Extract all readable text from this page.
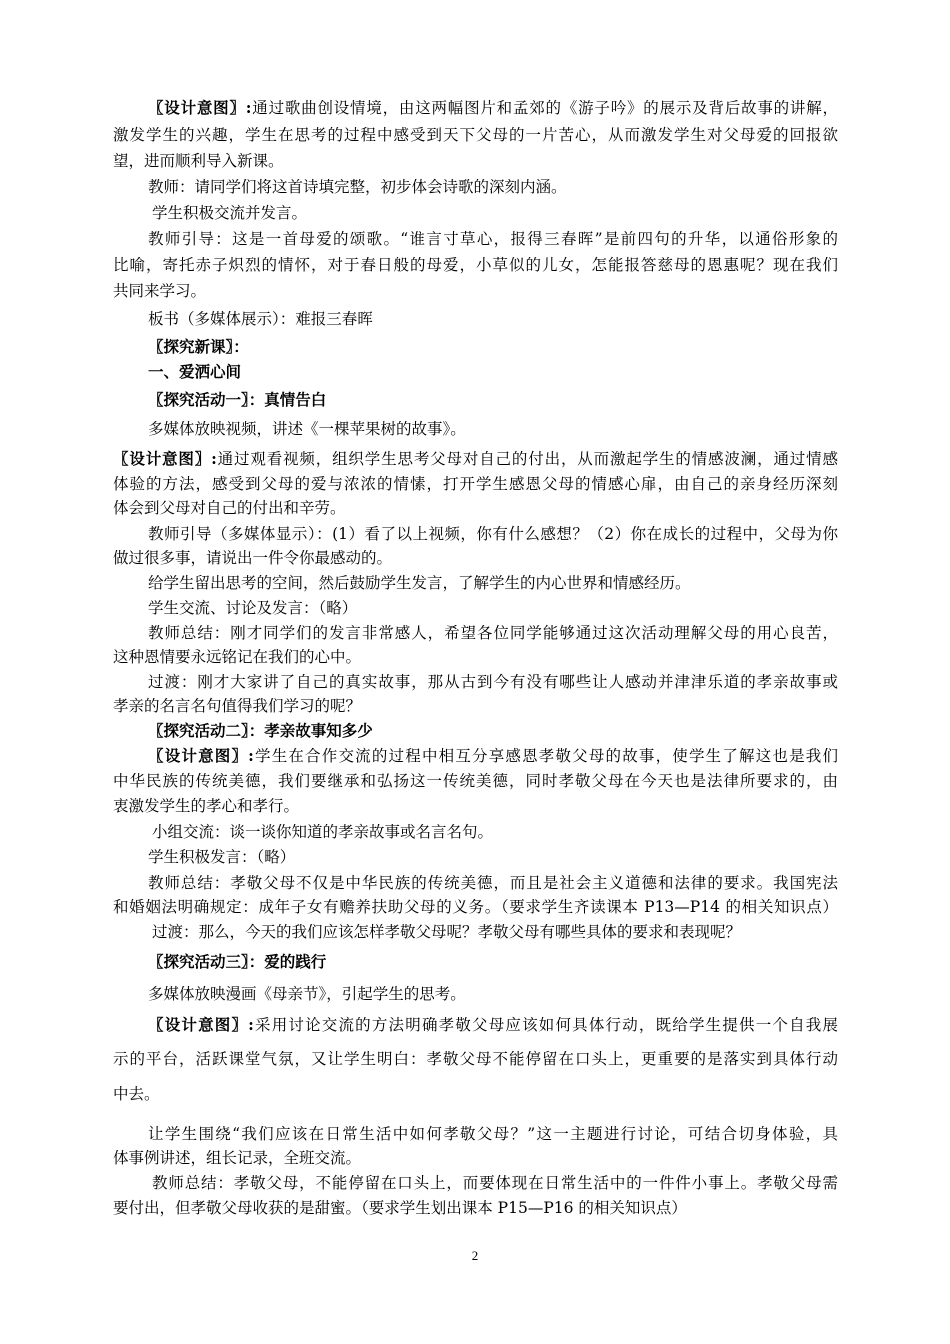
〖设计意图〗:通过歌曲创设情境，由这两幅图片和孟郊的《游子吟》的展示及背后故事的讲解，
激发学生的兴趣，学生在思考的过程中感受到天下父母的一片苦心，从而激发学生对父母爱的回报欲
望，进而顺利导入新课。
教师：请同学们将这首诗填完整，初步体会诗歌的深刻内涵。
学生积极交流并发言。
教师引导：这是一首母爱的颂歌。“谁言寸草心，报得三春晖”是前四句的升华，以通俗形象的
比喻，寄托赤子炽烈的情怀，对于春日般的母爱，小草似的儿女，怎能报答慈母的恩惠呢？现在我们
共同来学习。
板书（多媒体展示）：难报三春晖
〖探究新课〗：
一、爱洒心间
〖探究活动一〗：真情告白
多媒体放映视频，讲述《一棵苹果树的故事》。
〖设计意图〗:通过观看视频，组织学生思考父母对自己的付出，从而激起学生的情感波澜，通过情感
体验的方法，感受到父母的爱与浓浓的情愫，打开学生感恩父母的情感心扉，由自己的亲身经历深刻
体会到父母对自己的付出和辛劳。
教师引导（多媒体显示）：(1）看了以上视频，你有什么感想？（2）你在成长的过程中，父母为你
做过很多事，请说出一件令你最感动的。
给学生留出思考的空间，然后鼓励学生发言，了解学生的内心世界和情感经历。
学生交流、讨论及发言：（略）
教师总结：刚才同学们的发言非常感人，希望各位同学能够通过这次活动理解父母的用心良苦，
这种恩情要永远铭记在我们的心中。
过渡：刚才大家讲了自己的真实故事，那从古到今有没有哪些让人感动并津津乐道的孝亲故事或
孝亲的名言名句值得我们学习的呢？
〖探究活动二〗：孝亲故事知多少
〖设计意图〗:学生在合作交流的过程中相互分享感恩孝敬父母的故事，使学生了解这也是我们
中华民族的传统美德，我们要继承和弘扬这一传统美德，同时孝敬父母在今天也是法律所要求的，由
衷激发学生的孝心和孝行。
小组交流：谈一谈你知道的孝亲故事或名言名句。
学生积极发言：（略）
教师总结：孝敬父母不仅是中华民族的传统美德，而且是社会主义道德和法律的要求。我国宪法
和婚姻法明确规定：成年子女有赡养扶助父母的义务。（要求学生齐读课本 P13—P14 的相关知识点）
过渡：那么，今天的我们应该怎样孝敬父母呢？孝敬父母有哪些具体的要求和表现呢？
〖探究活动三〗：爱的践行
多媒体放映漫画《母亲节》，引起学生的思考。
〖设计意图〗:采用讨论交流的方法明确孝敬父母应该如何具体行动，既给学生提供一个自我展
示的平台，活跃课堂气氛，又让学生明白：孝敬父母不能停留在口头上，更重要的是落实到具体行动
中去。
让学生围绕“我们应该在日常生活中如何孝敬父母？”这一主题进行讨论，可结合切身体验，具
体事例讲述，组长记录，全班交流。
教师总结：孝敬父母，不能停留在口头上，而要体现在日常生活中的一件件小事上。孝敬父母需
要付出，但孝敬父母收获的是甜蜜。（要求学生划出课本 P15—P16 的相关知识点）
2
